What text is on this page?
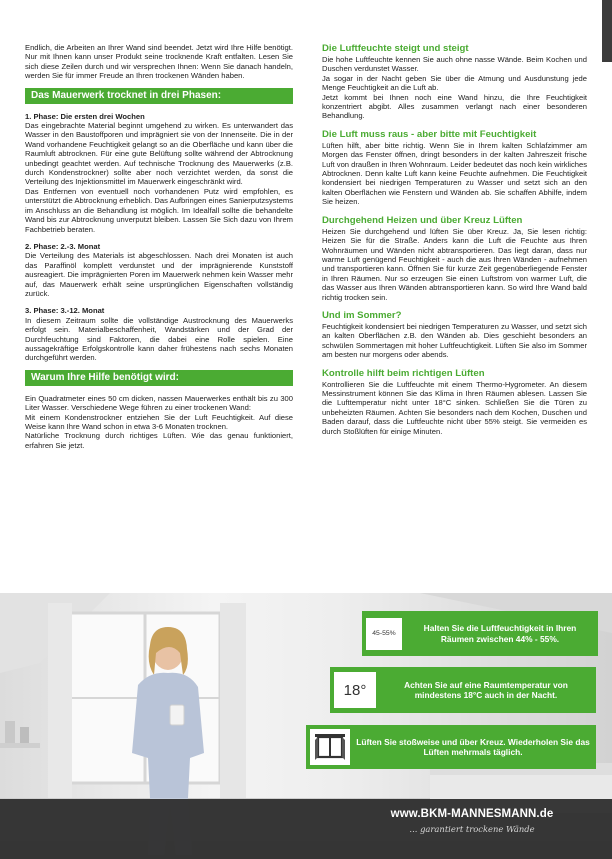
Endlich, die Arbeiten an Ihrer Wand sind beendet. Jetzt wird Ihre Hilfe benötigt. Nur mit Ihnen kann unser Produkt seine trocknende Kraft entfalten. Lesen Sie sich diese Zeilen durch und wir versprechen Ihnen: Wenn Sie danach handeln, werden Sie für immer Freude an Ihren trockenen Wänden haben.

Das Mauerwerk trocknet in drei Phasen:

1. Phase: Die ersten drei Wochen

Das eingebrachte Material beginnt umgehend zu wirken. Es unterwandert das Wasser in den Baustoffporen und imprägniert sie von der Innenseite. Die in der Wand vorhandene Feuchtigkeit gelangt so an die Oberfläche und kann über die Raumluft abtrocknen. Für eine gute Belüftung sollte während der Abtrocknung unbedingt geachtet werden. Auf technische Trocknung des Mauerwerks (z.B. durch Kondenstrockner) sollte aber noch verzichtet werden, da sonst die Verteilung des Injektionsmittel im Mauerwerk eingeschränkt wird.

Das Entfernen von eventuell noch vorhandenen Putz wird empfohlen, es unterstützt die Abtrocknung erheblich. Das Aufbringen eines Sanierputzsystems im Anschluss an die Behandlung ist möglich. Im Idealfall sollte die behandelte Wand bis zur Abtrocknung unverputzt bleiben. Lassen Sie Sich dazu von Ihrem Fachbetrieb beraten.

2. Phase: 2.-3. Monat

Die Verteilung des Materials ist abgeschlossen. Nach drei Monaten ist auch das Paraffinöl komplett verdunstet und der imprägnierende Kunststoff ausreagiert. Die imprägnierten Poren im Mauerwerk nehmen kein Wasser mehr auf, das Mauerwerk erhält seine ursprünglichen Eigenschaften vollständig zurück.

3. Phase: 3.-12. Monat

In diesem Zeitraum sollte die vollständige Austrocknung des Mauerwerks erfolgt sein. Materialbeschaffenheit, Wandstärken und der Grad der Durchfeuchtung sind Faktoren, die dabei eine Rolle spielen. Eine aussagekräftige Erfolgskontrolle kann daher frühestens nach sechs Monaten durchgeführt werden.

Warum Ihre Hilfe benötigt wird:

Ein Quadratmeter eines 50 cm dicken, nassen Mauerwerkes enthält bis zu 300 Liter Wasser. Verschiedene Wege führen zu einer trockenen Wand:

Mit einem Kondenstrockner entziehen Sie der Luft Feuchtigkeit. Auf diese Weise kann Ihre Wand schon in etwa 3-6 Monaten trocknen.

Natürliche Trocknung durch richtiges Lüften. Wie das genau funktioniert, erfahren Sie jetzt.

Die Luftfeuchte steigt und steigt

Die hohe Luftfeuchte kennen Sie auch ohne nasse Wände. Beim Kochen und Duschen verdunstet Wasser.

Ja sogar in der Nacht geben Sie über die Atmung und Ausdunstung jede Menge Feuchtigkeit an die Luft ab.

Jetzt kommt bei Ihnen noch eine Wand hinzu, die Ihre Feuchtigkeit konzentriert abgibt. Alles zusammen verlangt nach einer besonderen Behandlung.

Die Luft muss raus - aber bitte mit Feuchtigkeit

Lüften hilft, aber bitte richtig. Wenn Sie in Ihrem kalten Schlafzimmer am Morgen das Fenster öffnen, dringt besonders in der kalten Jahreszeit frische Luft von draußen in Ihren Wohnraum. Leider bedeutet das noch kein wirkliches Abtrocknen. Denn kalte Luft kann keine Feuchte aufnehmen. Die Feuchtigkeit kondensiert bei niedrigen Temperaturen zu Wasser und setzt sich an den kalten Oberflächen wie Fenstern und Wänden ab. Sie schaffen Abhilfe, indem Sie heizen.

Durchgehend Heizen und über Kreuz Lüften

Heizen Sie durchgehend und lüften Sie über Kreuz. Ja, Sie lesen richtig: Heizen Sie für die Straße. Anders kann die Luft die Feuchte aus Ihren Wohnräumen und Wänden nicht abtransportieren. Das liegt daran, dass nur warme Luft genügend Feuchtigkeit - auch die aus Ihren Wänden - aufnehmen und transportieren kann. Öffnen Sie für kurze Zeit gegenüberliegende Fenster in Ihren Räumen. Nur so erzeugen Sie einen Luftstrom von warmer Luft, die das Wasser aus Ihren Wänden abtransportieren kann. So wird Ihre Wand bald richtig trocken sein.

Und im Sommer?

Feuchtigkeit kondensiert bei niedrigen Temperaturen zu Wasser, und setzt sich an kalten Oberflächen z.B. den Wänden ab. Dies geschieht besonders an schwülen Sommertagen mit hoher Luftfeuchtigkeit. Lüften Sie also im Sommer am besten nur morgens oder abends.

Kontrolle hilft beim richtigen Lüften

Kontrollieren Sie die Luftfeuchte mit einem Thermo-Hygrometer. An diesem Messinstrument können Sie das Klima in Ihren Räumen ablesen. Lassen Sie die Lufttemperatur nicht unter 18°C sinken. Schließen Sie die Türen zu unbeheizten Räumen. Achten Sie besonders nach dem Kochen, Duschen und Baden darauf, dass die Luftfeuchte nicht über 55% steigt. Sie vermeiden es durch Stoßlüften für einige Minuten.

45-55%
Halten Sie die Luftfeuchtigkeit in Ihren Räumen zwischen 44% - 55%.
18°	Achten Sie auf eine Raumtemperatur von mindestens 18°C auch in der Nacht.
Lüften Sie stoßweise und über Kreuz. Wiederholen Sie das Lüften mehrmals täglich.
www.BKM-MANNESMANN.de
... garantiert trockene Wände
